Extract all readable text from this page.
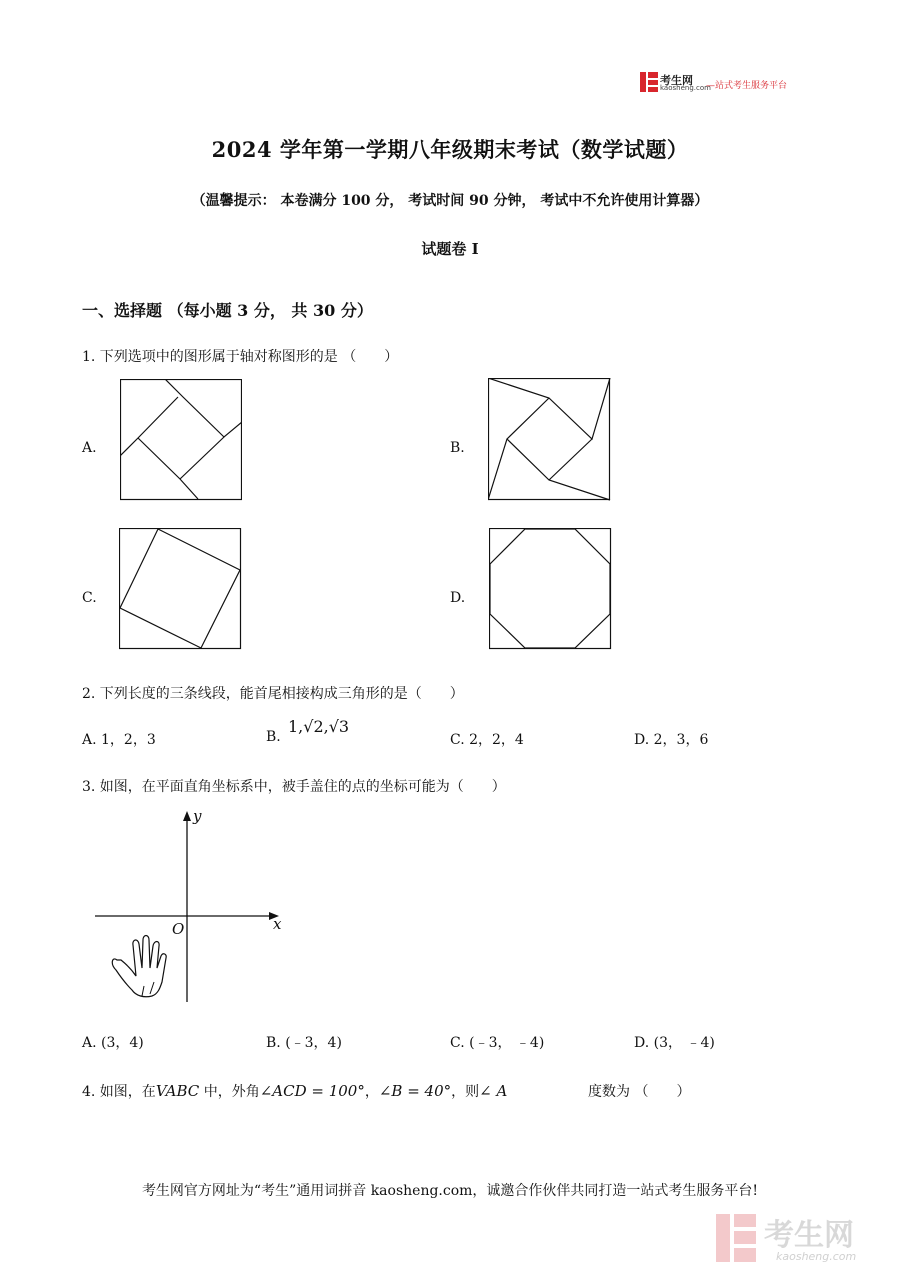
考生网
kaosheng.com
—站式考生服务平台
2024 学年第一学期八年级期末考试（数学试题）
（温馨提示： 本卷满分 100 分， 考试时间 90 分钟， 考试中不允许使用计算器）
试题卷 I
一、选择题 （每小题 3 分， 共 30 分）
1. 下列选项中的图形属于轴对称图形的是 （　　）
A.	B.
C.	D.
2. 下列长度的三条线段，能首尾相接构成三角形的是（　　）
A. 1，2，3	B.
1,√2,√3
C. 2，2，4	D. 2，3，6
3. 如图，在平面直角坐标系中，被手盖住的点的坐标可能为（　　）
y
x
O
A. (3，4)	B. (﹣3，4)	C. (﹣3， ﹣4)	D. (3， ﹣4)
4. 如图，在VABC 中，外角∠ACD = 100°，∠B = 40°，则∠ A	度数为 （　　）
考生网官方网址为“考生”通用词拼音 kaosheng.com，诚邀合作伙伴共同打造一站式考生服务平台!
考生网
kaosheng.com
